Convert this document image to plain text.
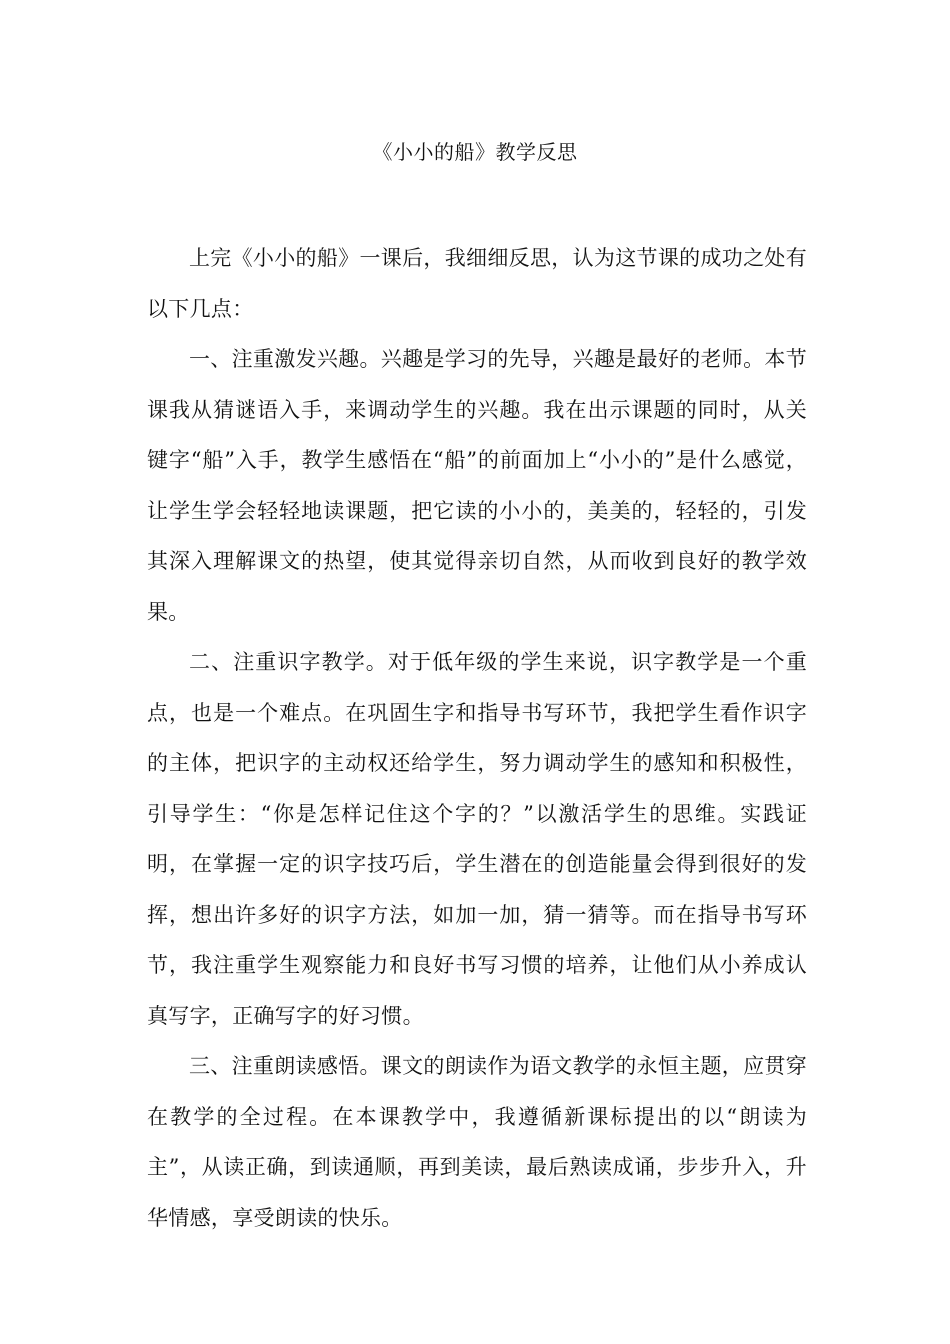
《小小的船》教学反思

上完《小小的船》一课后，我细细反思，认为这节课的成功之处有以下几点：

一、注重激发兴趣。兴趣是学习的先导，兴趣是最好的老师。本节课我从猜谜语入手，来调动学生的兴趣。我在出示课题的同时，从关键字“船”入手，教学生感悟在“船”的前面加上“小小的”是什么感觉，让学生学会轻轻地读课题，把它读的小小的，美美的，轻轻的，引发其深入理解课文的热望，使其觉得亲切自然，从而收到良好的教学效果。

二、注重识字教学。对于低年级的学生来说，识字教学是一个重点，也是一个难点。在巩固生字和指导书写环节，我把学生看作识字的主体，把识字的主动权还给学生，努力调动学生的感知和积极性，引导学生：“你是怎样记住这个字的？”以激活学生的思维。实践证明，在掌握一定的识字技巧后，学生潜在的创造能量会得到很好的发挥，想出许多好的识字方法，如加一加，猜一猜等。而在指导书写环节，我注重学生观察能力和良好书写习惯的培养，让他们从小养成认真写字，正确写字的好习惯。

三、注重朗读感悟。课文的朗读作为语文教学的永恒主题，应贯穿在教学的全过程。在本课教学中，我遵循新课标提出的以“朗读为主”，从读正确，到读通顺，再到美读，最后熟读成诵，步步升入，升华情感，享受朗读的快乐。
